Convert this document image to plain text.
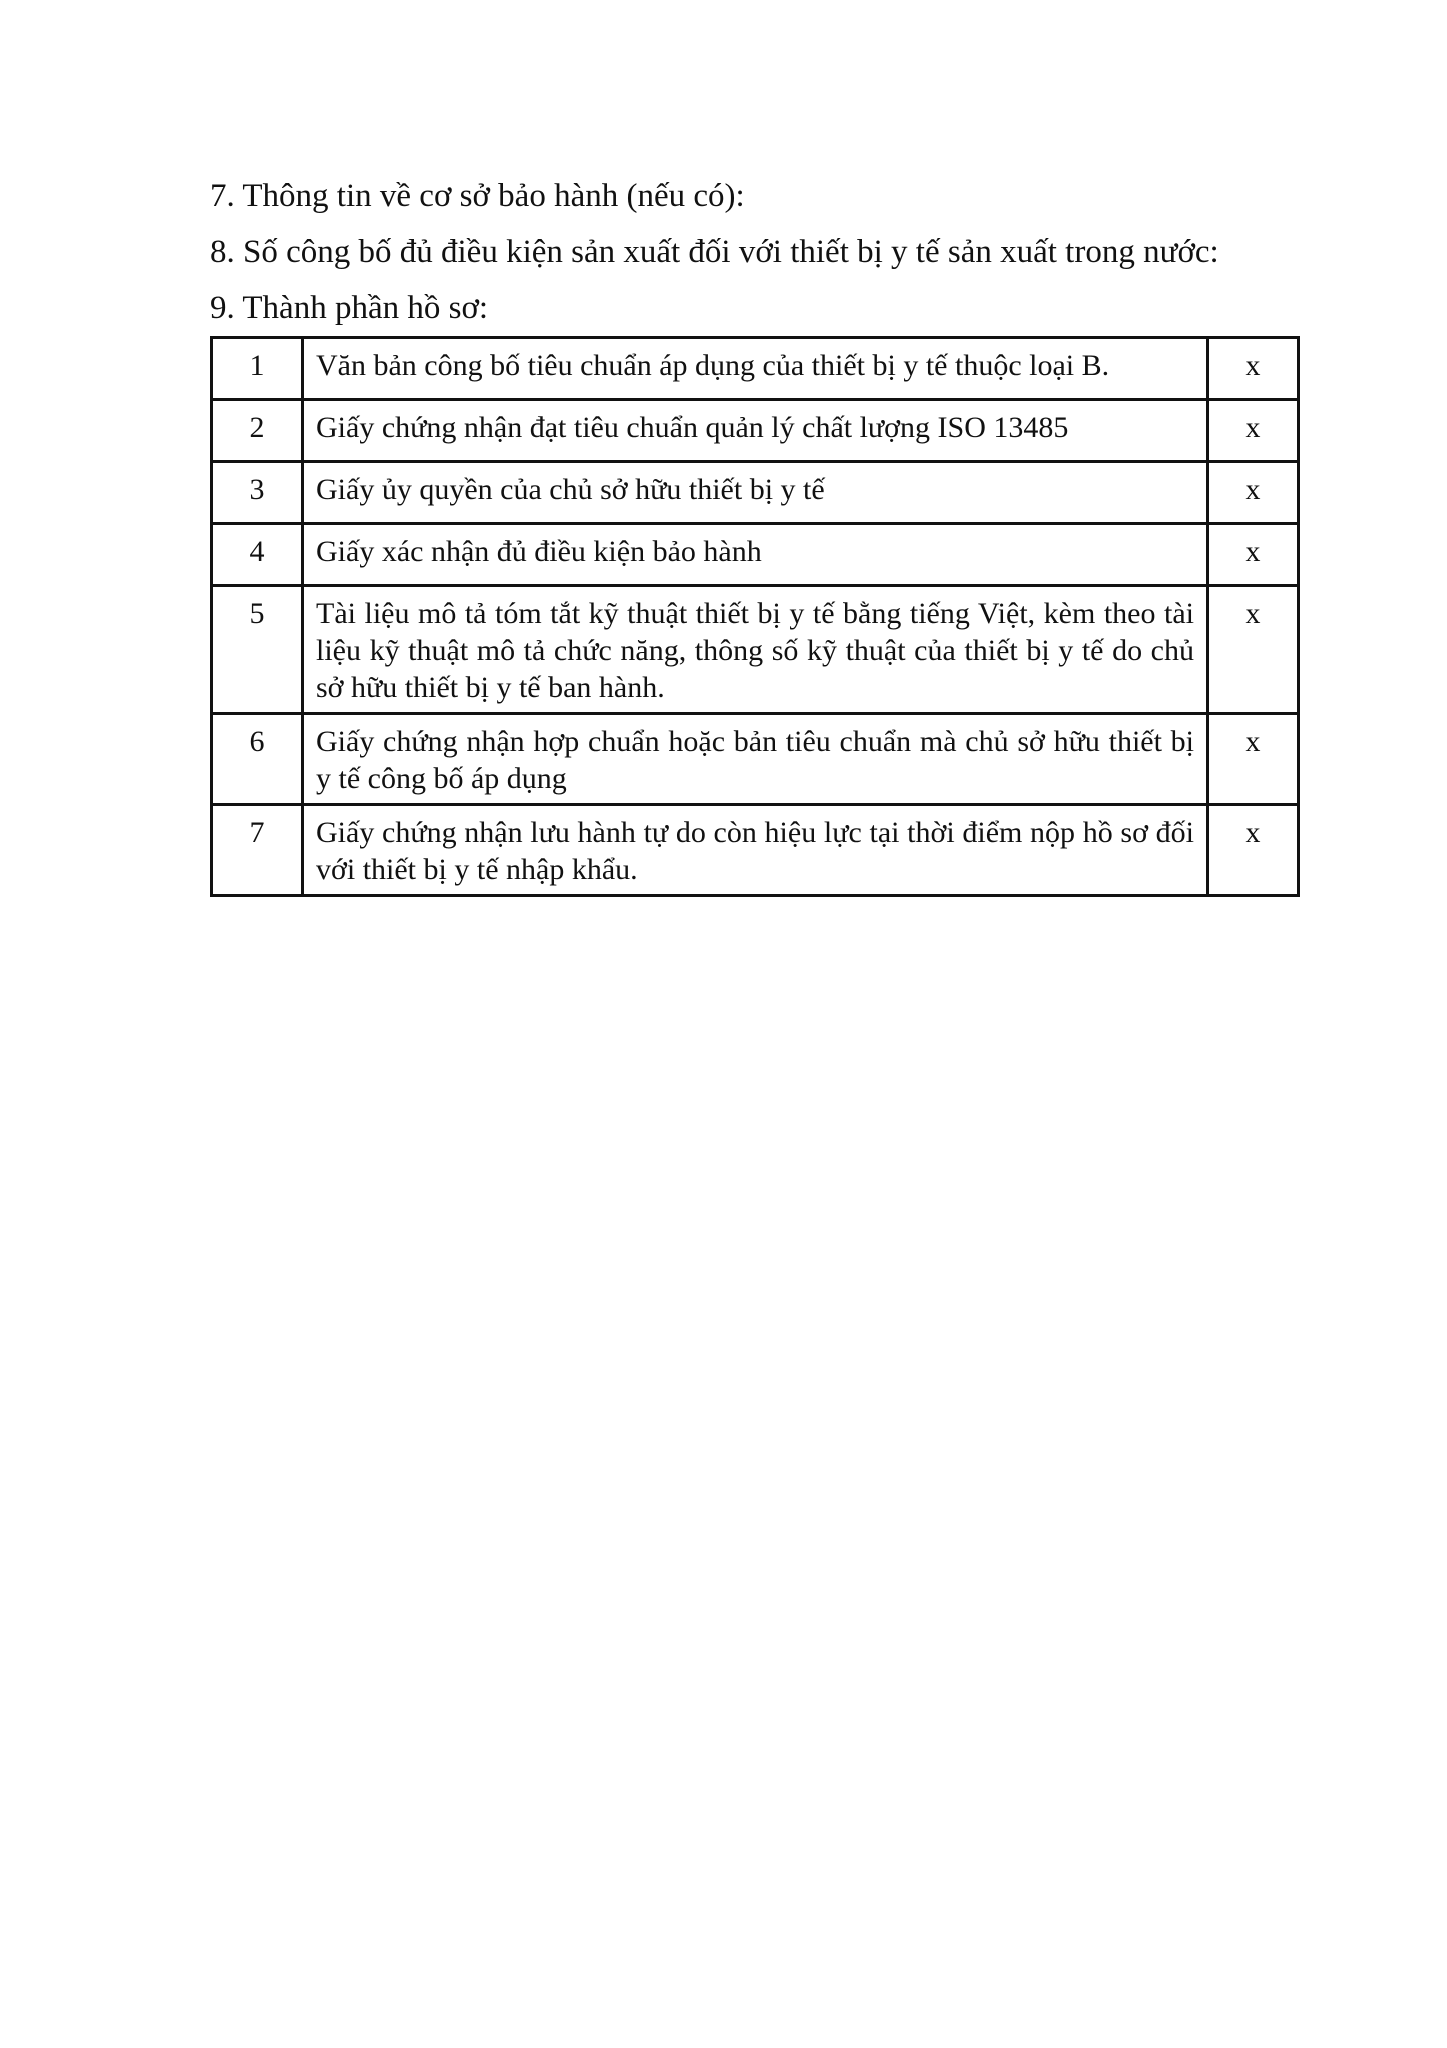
7. Thông tin về cơ sở bảo hành (nếu có):

8. Số công bố đủ điều kiện sản xuất đối với thiết bị y tế sản xuất trong nước:

9. Thành phần hồ sơ:

1	Văn bản công bố tiêu chuẩn áp dụng của thiết bị y tế thuộc loại B.	x
2	Giấy chứng nhận đạt tiêu chuẩn quản lý chất lượng ISO 13485	x
3	Giấy ủy quyền của chủ sở hữu thiết bị y tế	x
4	Giấy xác nhận đủ điều kiện bảo hành	x
5	Tài liệu mô tả tóm tắt kỹ thuật thiết bị y tế bằng tiếng Việt, kèm theo tài liệu kỹ thuật mô tả chức năng, thông số kỹ thuật của thiết bị y tế do chủ sở hữu thiết bị y tế ban hành.	x
6	Giấy chứng nhận hợp chuẩn hoặc bản tiêu chuẩn mà chủ sở hữu thiết bị y tế công bố áp dụng	x
7	Giấy chứng nhận lưu hành tự do còn hiệu lực tại thời điểm nộp hồ sơ đối với thiết bị y tế nhập khẩu.	x
